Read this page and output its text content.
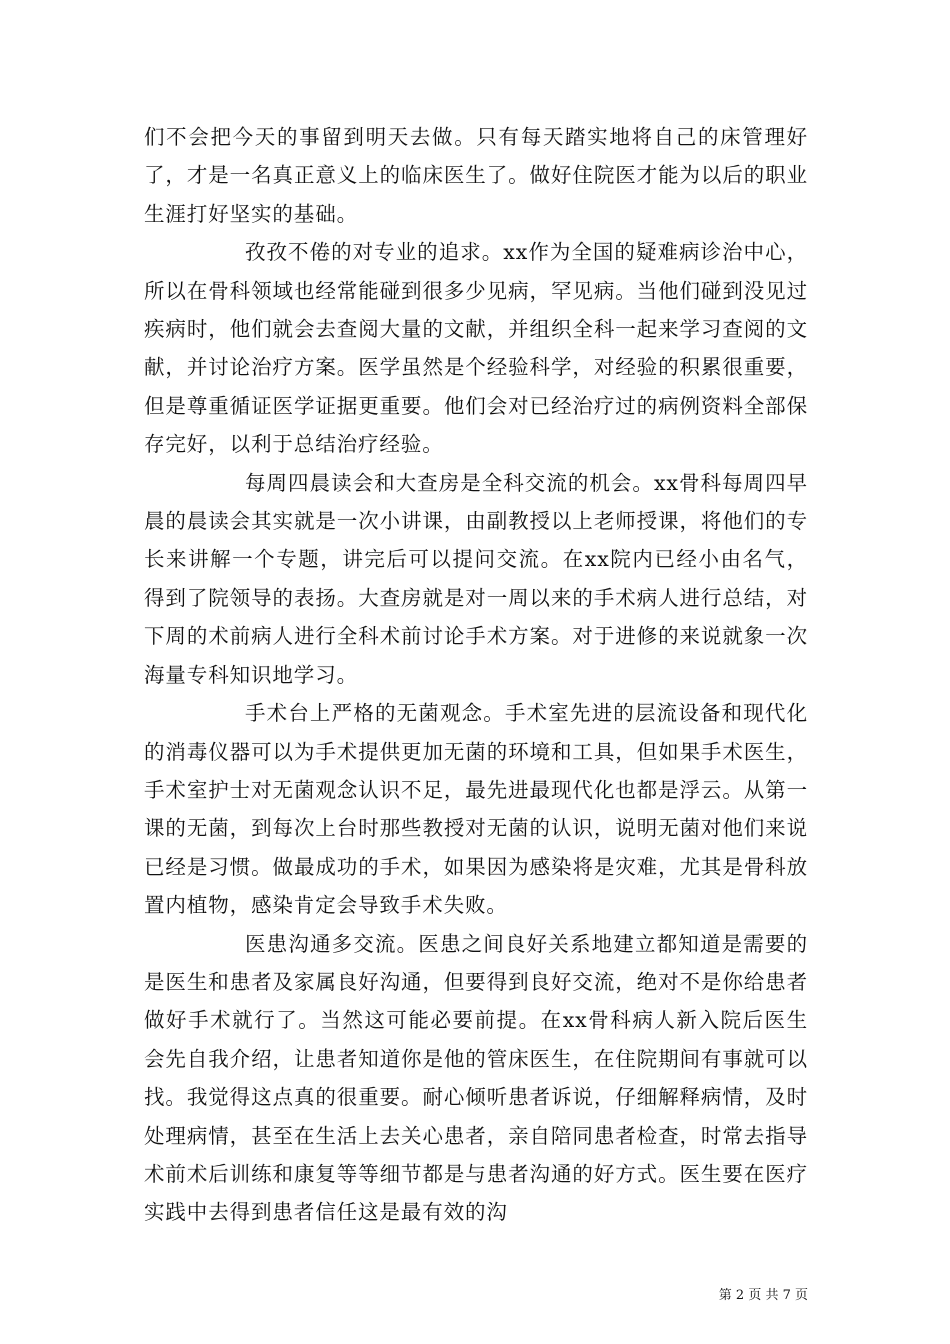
们不会把今天的事留到明天去做。只有每天踏实地将自己的床管理好了，才是一名真正意义上的临床医生了。做好住院医才能为以后的职业生涯打好坚实的基础。

孜孜不倦的对专业的追求。xx作为全国的疑难病诊治中心，所以在骨科领域也经常能碰到很多少见病，罕见病。当他们碰到没见过疾病时，他们就会去查阅大量的文献，并组织全科一起来学习查阅的文献，并讨论治疗方案。医学虽然是个经验科学，对经验的积累很重要，但是尊重循证医学证据更重要。他们会对已经治疗过的病例资料全部保存完好，以利于总结治疗经验。

每周四晨读会和大查房是全科交流的机会。xx骨科每周四早晨的晨读会其实就是一次小讲课，由副教授以上老师授课，将他们的专长来讲解一个专题，讲完后可以提问交流。在xx院内已经小由名气，得到了院领导的表扬。大查房就是对一周以来的手术病人进行总结，对下周的术前病人进行全科术前讨论手术方案。对于进修的来说就象一次海量专科知识地学习。

手术台上严格的无菌观念。手术室先进的层流设备和现代化的消毒仪器可以为手术提供更加无菌的环境和工具，但如果手术医生，手术室护士对无菌观念认识不足，最先进最现代化也都是浮云。从第一课的无菌，到每次上台时那些教授对无菌的认识，说明无菌对他们来说已经是习惯。做最成功的手术，如果因为感染将是灾难，尤其是骨科放置内植物，感染肯定会导致手术失败。

医患沟通多交流。医患之间良好关系地建立都知道是需要的是医生和患者及家属良好沟通，但要得到良好交流，绝对不是你给患者做好手术就行了。当然这可能必要前提。在xx骨科病人新入院后医生会先自我介绍，让患者知道你是他的管床医生，在住院期间有事就可以找。我觉得这点真的很重要。耐心倾听患者诉说，仔细解释病情，及时处理病情，甚至在生活上去关心患者，亲自陪同患者检查，时常去指导术前术后训练和康复等等细节都是与患者沟通的好方式。医生要在医疗实践中去得到患者信任这是最有效的沟

第 2 页 共 7 页
